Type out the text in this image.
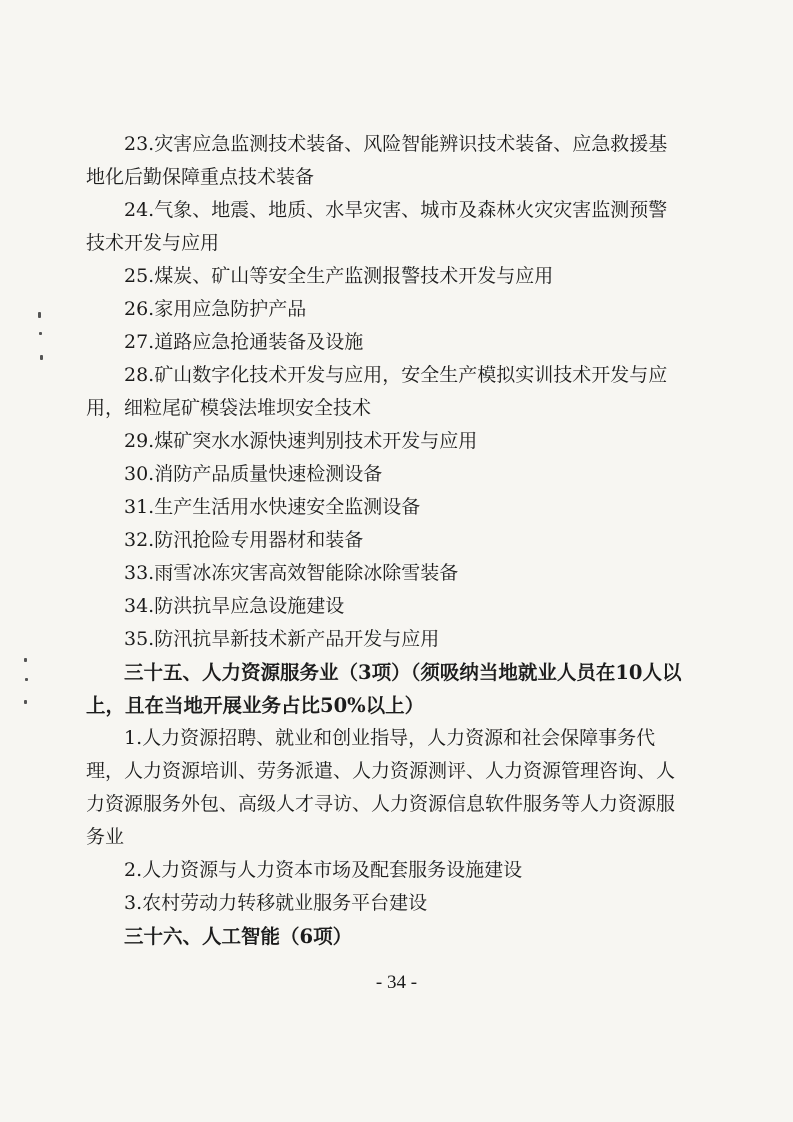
23.灾害应急监测技术装备、风险智能辨识技术装备、应急救援基地化后勤保障重点技术装备

24.气象、地震、地质、水旱灾害、城市及森林火灾灾害监测预警技术开发与应用

25.煤炭、矿山等安全生产监测报警技术开发与应用

26.家用应急防护产品

27.道路应急抢通装备及设施

28.矿山数字化技术开发与应用，安全生产模拟实训技术开发与应用，细粒尾矿模袋法堆坝安全技术

29.煤矿突水水源快速判别技术开发与应用

30.消防产品质量快速检测设备

31.生产生活用水快速安全监测设备

32.防汛抢险专用器材和装备

33.雨雪冰冻灾害高效智能除冰除雪装备

34.防洪抗旱应急设施建设

35.防汛抗旱新技术新产品开发与应用

三十五、人力资源服务业（3项）（须吸纳当地就业人员在10人以上，且在当地开展业务占比50%以上）

1.人力资源招聘、就业和创业指导，人力资源和社会保障事务代理，人力资源培训、劳务派遣、人力资源测评、人力资源管理咨询、人力资源服务外包、高级人才寻访、人力资源信息软件服务等人力资源服务业

2.人力资源与人力资本市场及配套服务设施建设

3.农村劳动力转移就业服务平台建设

三十六、人工智能（6项）

- 34 -
